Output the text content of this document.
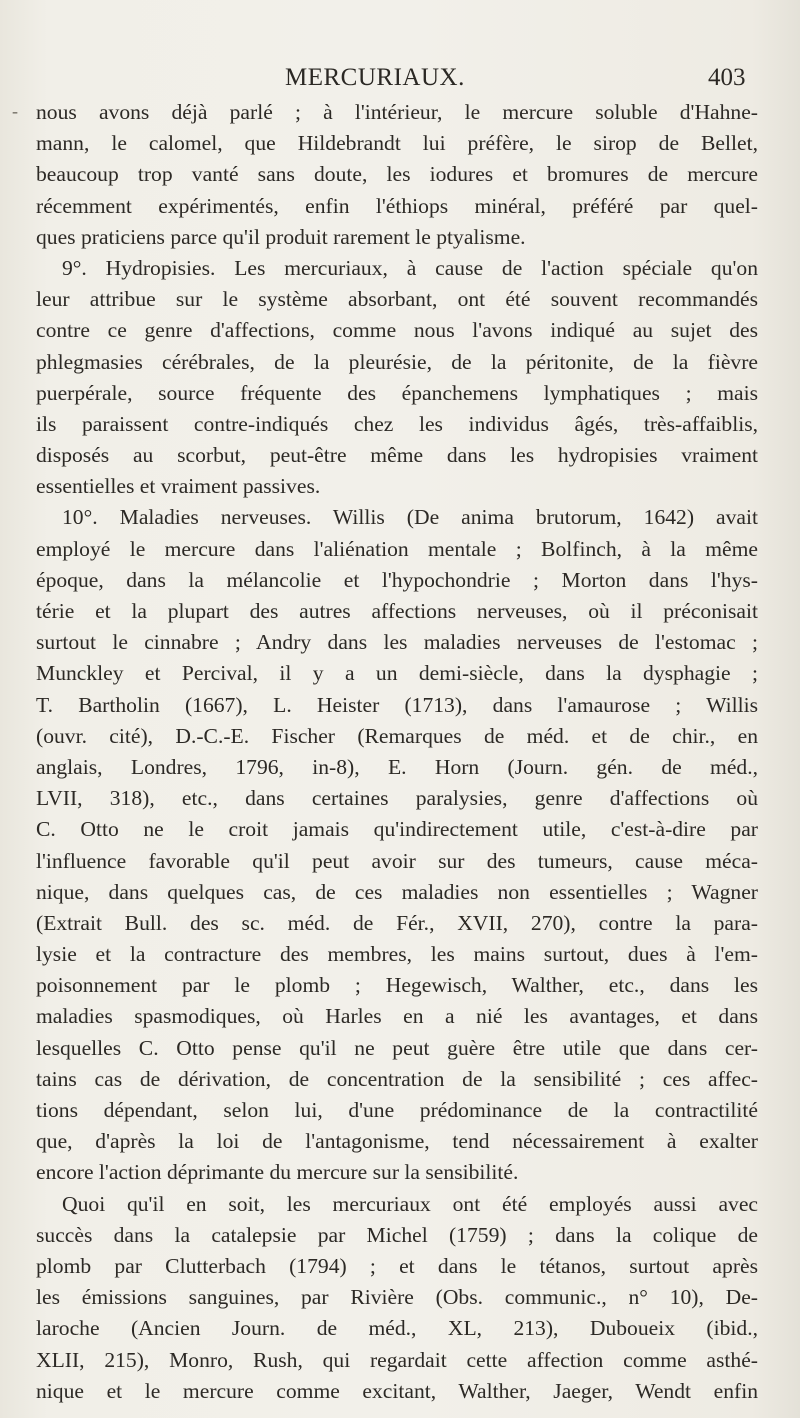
MERCURIAUX.	403
- nous avons déjà parlé ; à l'intérieur, le mercure soluble d'Hahne-
mann, le calomel, que Hildebrandt lui préfère, le sirop de Bellet,
beaucoup trop vanté sans doute, les iodures et bromures de mercure
récemment expérimentés, enfin l'éthiops minéral, préféré par quel-
ques praticiens parce qu'il produit rarement le ptyalisme.
9°. Hydropisies. Les mercuriaux, à cause de l'action spéciale qu'on
leur attribue sur le système absorbant, ont été souvent recommandés
contre ce genre d'affections, comme nous l'avons indiqué au sujet des
phlegmasies cérébrales, de la pleurésie, de la péritonite, de la fièvre
puerpérale, source fréquente des épanchemens lymphatiques ; mais
ils paraissent contre-indiqués chez les individus âgés, très-affaiblis,
disposés au scorbut, peut-être même dans les hydropisies vraiment
essentielles et vraiment passives.
10°. Maladies nerveuses. Willis (De anima brutorum, 1642) avait
employé le mercure dans l'aliénation mentale ; Bolfinch, à la même
époque, dans la mélancolie et l'hypochondrie ; Morton dans l'hys-
térie et la plupart des autres affections nerveuses, où il préconisait
surtout le cinnabre ; Andry dans les maladies nerveuses de l'estomac ;
Munckley et Percival, il y a un demi-siècle, dans la dysphagie ;
T. Bartholin (1667), L. Heister (1713), dans l'amaurose ; Willis
(ouvr. cité), D.-C.-E. Fischer (Remarques de méd. et de chir., en
anglais, Londres, 1796, in-8), E. Horn (Journ. gén. de méd.,
LVII, 318), etc., dans certaines paralysies, genre d'affections où
C. Otto ne le croit jamais qu'indirectement utile, c'est-à-dire par
l'influence favorable qu'il peut avoir sur des tumeurs, cause méca-
nique, dans quelques cas, de ces maladies non essentielles ; Wagner
(Extrait Bull. des sc. méd. de Fér., XVII, 270), contre la para-
lysie et la contracture des membres, les mains surtout, dues à l'em-
poisonnement par le plomb ; Hegewisch, Walther, etc., dans les
maladies spasmodiques, où Harles en a nié les avantages, et dans
lesquelles C. Otto pense qu'il ne peut guère être utile que dans cer-
tains cas de dérivation, de concentration de la sensibilité ; ces affec-
tions dépendant, selon lui, d'une prédominance de la contractilité
que, d'après la loi de l'antagonisme, tend nécessairement à exalter
encore l'action déprimante du mercure sur la sensibilité.
Quoi qu'il en soit, les mercuriaux ont été employés aussi avec
succès dans la catalepsie par Michel (1759) ; dans la colique de
plomb par Clutterbach (1794) ; et dans le tétanos, surtout après
les émissions sanguines, par Rivière (Obs. communic., n° 10), De-
laroche (Ancien Journ. de méd., XL, 213), Duboueix (ibid.,
XLII, 215), Monro, Rush, qui regardait cette affection comme asthé-
nique et le mercure comme excitant, Walther, Jaeger, Wendt enfin
